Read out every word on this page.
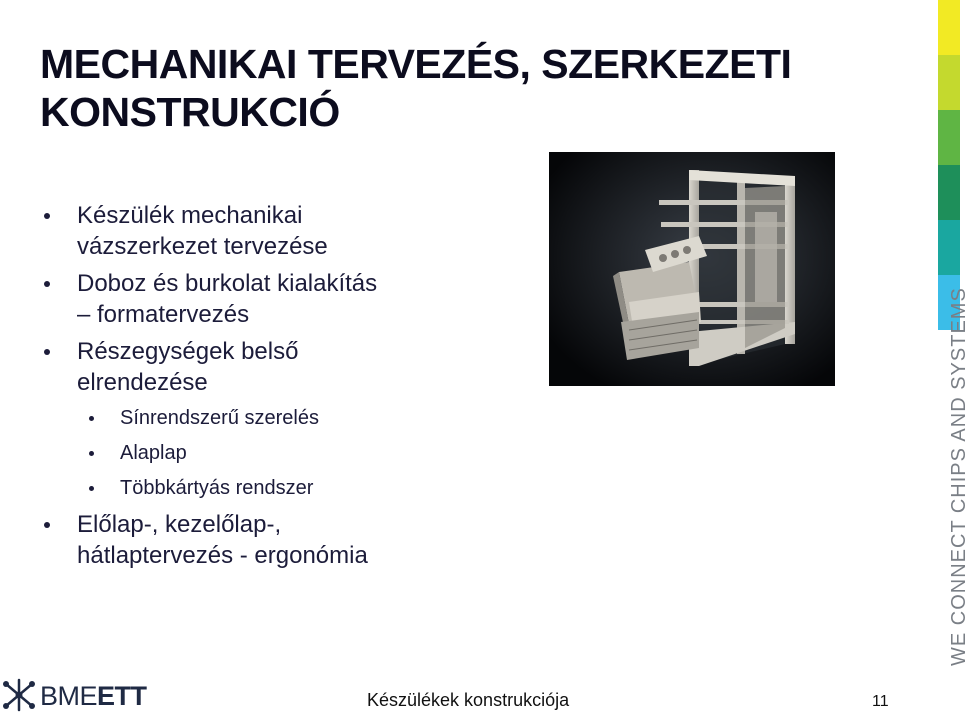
MECHANIKAI TERVEZÉS, SZERKEZETI
KONSTRUKCIÓ
Készülék mechanikai
vázszerkezet tervezése
Doboz és burkolat kialakítás
– formatervezés
Részegységek belső
elrendezése
Sínrendszerű szerelés
Alaplap
Többkártyás rendszer
Előlap-, kezelőlap-,
hátlaptervezés - ergonómia	WE CONNECT CHIPS AND SYSTEMS
BMEETT	Készülékek konstrukciója	11
